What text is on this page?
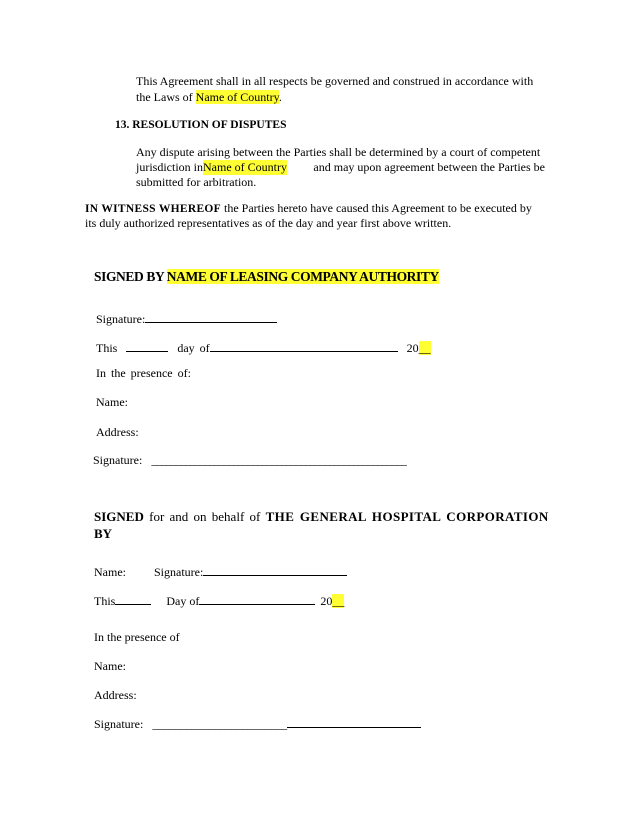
This Agreement shall in all respects be governed and construed in accordance with
the Laws of Name of Country.
13. RESOLUTION OF DISPUTES
Any dispute arising between the Parties shall be determined by a court of competent
jurisdiction in Name of Country	and may upon agreement between the Parties be
submitted for arbitration.
IN WITNESS WHEREOF the Parties hereto have caused this Agreement to be executed by
its duly authorized representatives as of the day and year first above written.
SIGNED BY NAME OF LEASING COMPANY AUTHORITY
Signature:
This	day of	20__
In the presence of:
Name:
Address:
Signature: _____________________________________________________
SIGNED for and on behalf of THE GENERAL HOSPITAL CORPORATION
BY
Name: Signature:
This	Day of	20__
In the presence of
Name:
Address:
Signature: ________________________
